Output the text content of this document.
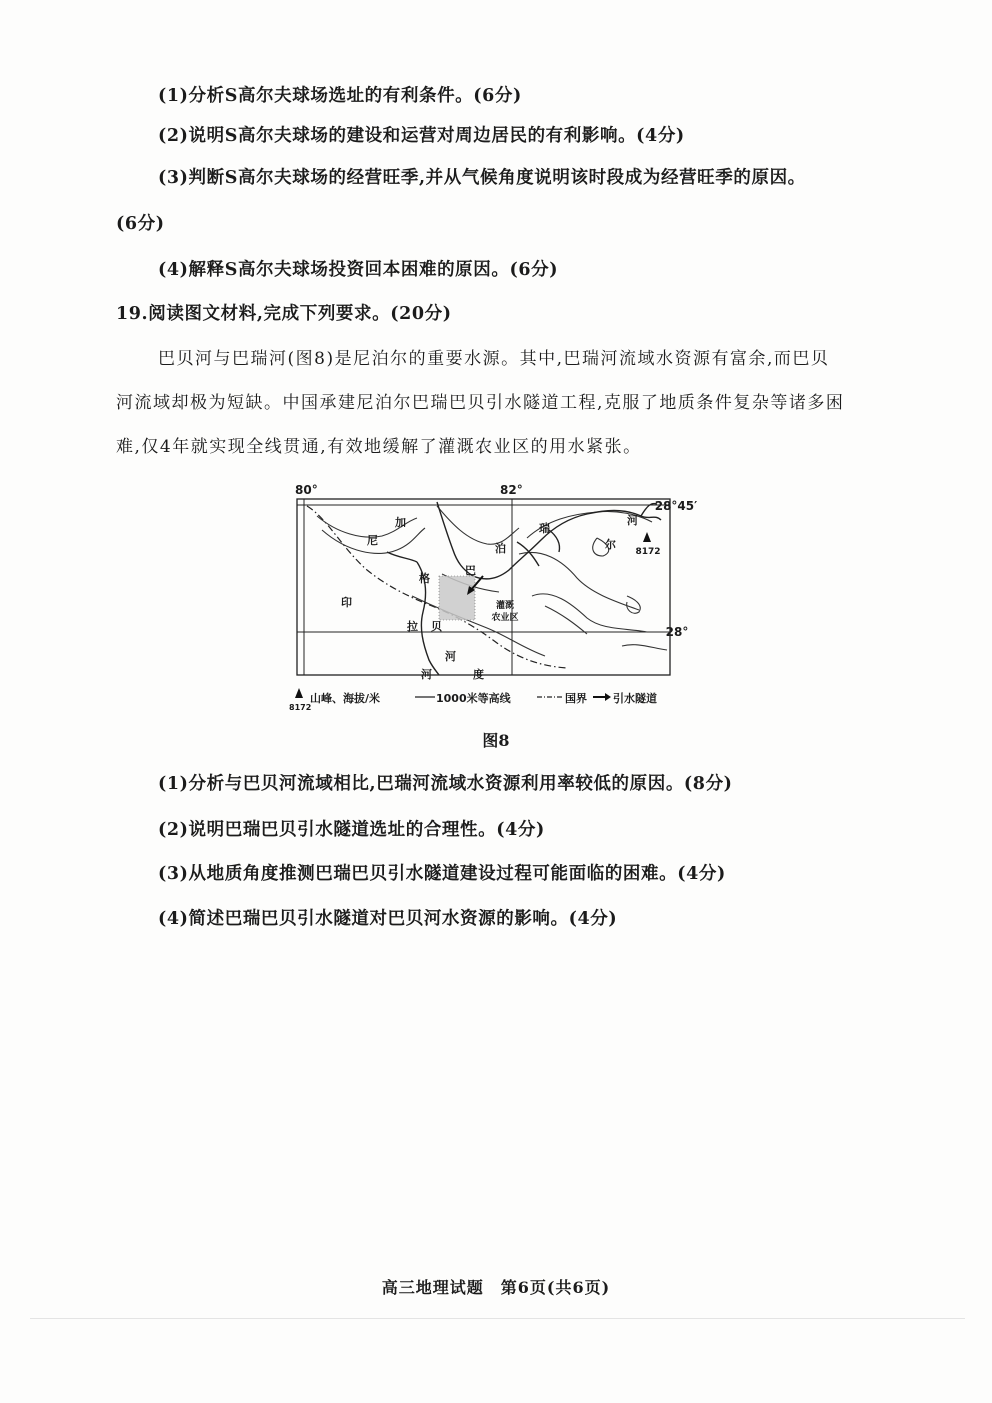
(1)分析S高尔夫球场选址的有利条件。(6分)
(2)说明S高尔夫球场的建设和运营对周边居民的有利影响。(4分)
(3)判断S高尔夫球场的经营旺季,并从气候角度说明该时段成为经营旺季的原因。
(6分)
(4)解释S高尔夫球场投资回本困难的原因。(6分)
19.阅读图文材料,完成下列要求。(20分)
巴贝河与巴瑞河(图8)是尼泊尔的重要水源。其中,巴瑞河流域水资源有富余,而巴贝
河流域却极为短缺。中国承建尼泊尔巴瑞巴贝引水隧道工程,克服了地质条件复杂等诸多困
难,仅4年就实现全线贯通,有效地缓解了灌溉农业区的用水紧张。
80°	82°
28°45′
28°
灌溉
农业区
尼
泊	尔
加
格
巴
拉 贝
印
度
河
瑞
河
河
8172
8172
山峰、海拔/米	1000米等高线	国界 引水隧道
图8
(1)分析与巴贝河流域相比,巴瑞河流域水资源利用率较低的原因。(8分)
(2)说明巴瑞巴贝引水隧道选址的合理性。(4分)
(3)从地质角度推测巴瑞巴贝引水隧道建设过程可能面临的困难。(4分)
(4)简述巴瑞巴贝引水隧道对巴贝河水资源的影响。(4分)
高三地理试题　第6页(共6页)
